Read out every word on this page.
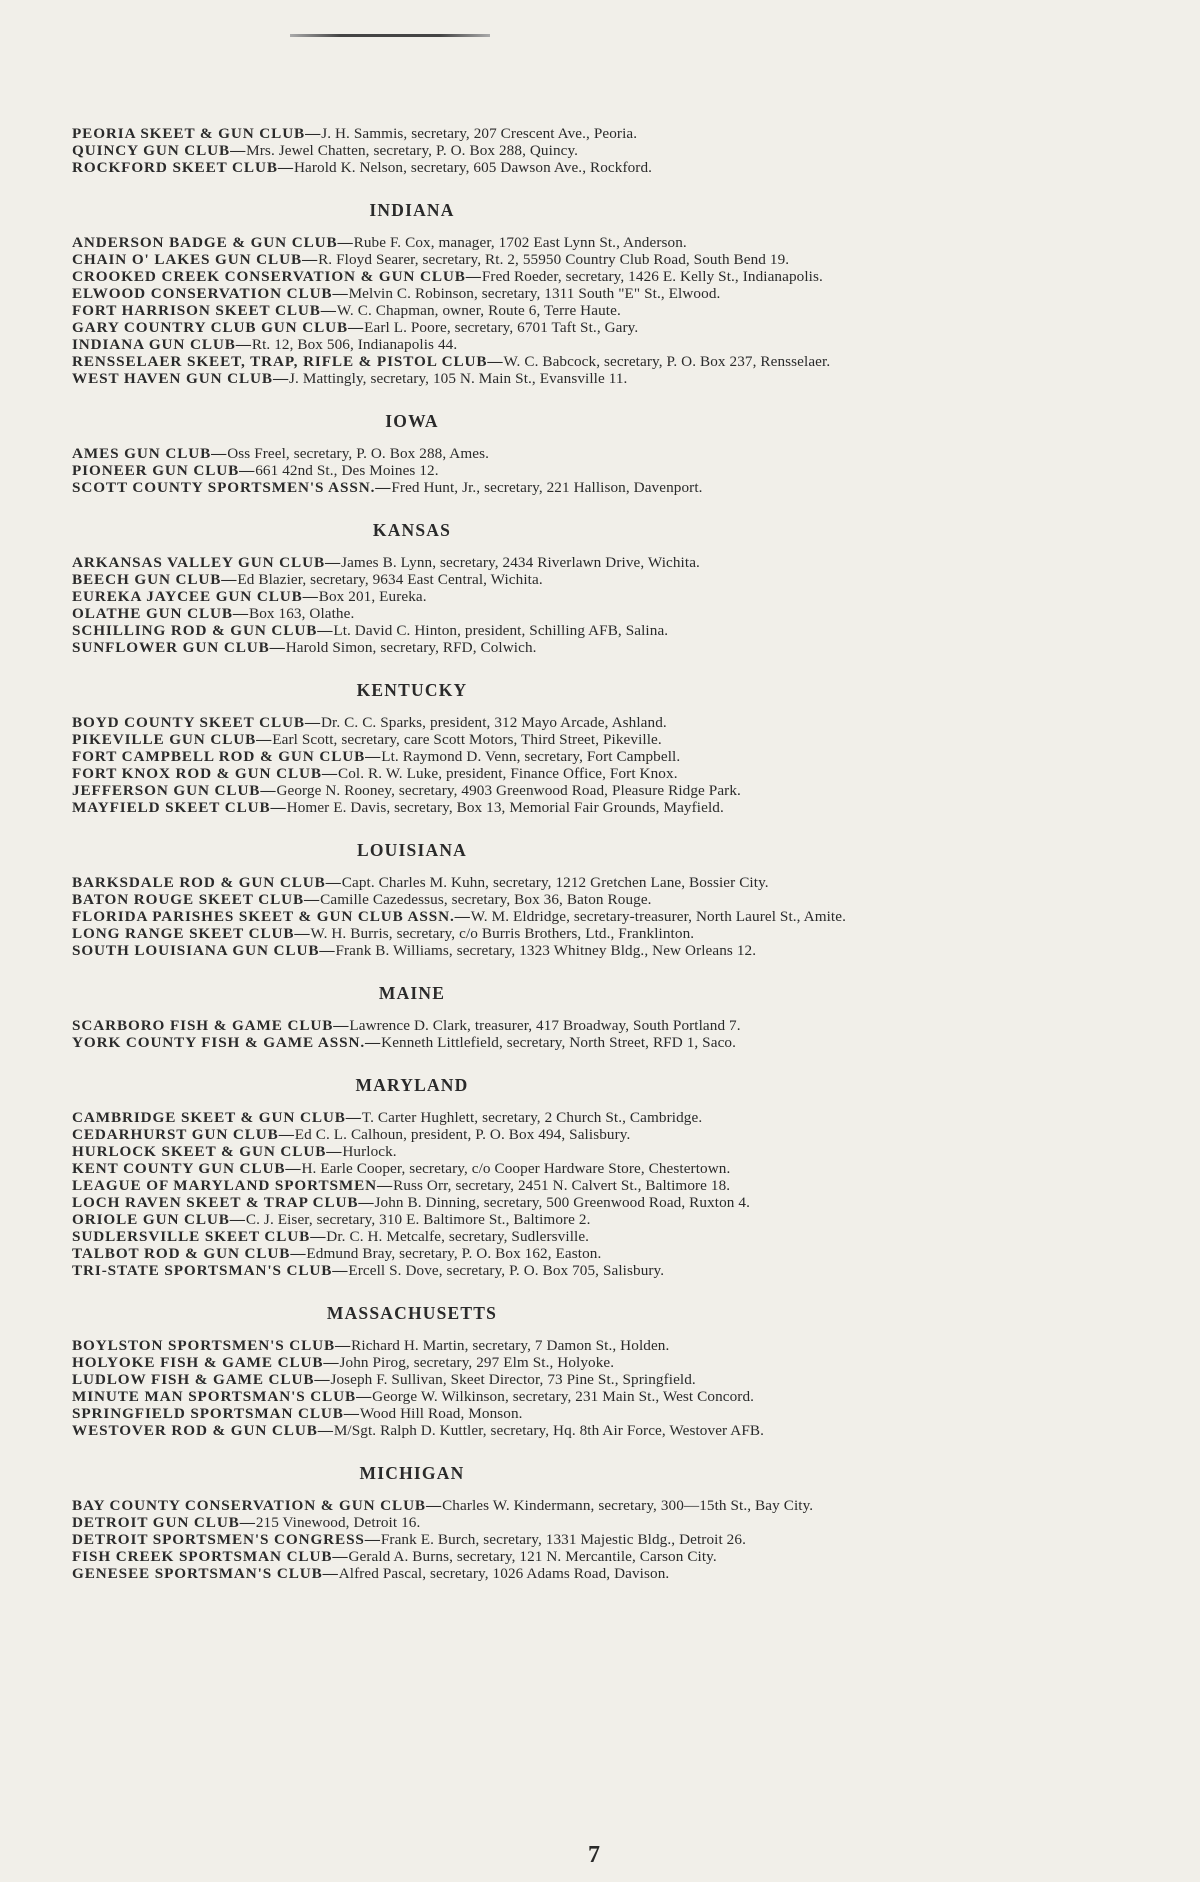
PEORIA SKEET & GUN CLUB—J. H. Sammis, secretary, 207 Crescent Ave., Peoria.

QUINCY GUN CLUB—Mrs. Jewel Chatten, secretary, P. O. Box 288, Quincy.

ROCKFORD SKEET CLUB—Harold K. Nelson, secretary, 605 Dawson Ave., Rockford.

INDIANA

ANDERSON BADGE & GUN CLUB—Rube F. Cox, manager, 1702 East Lynn St., Anderson.

CHAIN O' LAKES GUN CLUB—R. Floyd Searer, secretary, Rt. 2, 55950 Country Club Road, South Bend 19.

CROOKED CREEK CONSERVATION & GUN CLUB—Fred Roeder, secretary, 1426 E. Kelly St., Indianapolis.

ELWOOD CONSERVATION CLUB—Melvin C. Robinson, secretary, 1311 South "E" St., Elwood.

FORT HARRISON SKEET CLUB—W. C. Chapman, owner, Route 6, Terre Haute.

GARY COUNTRY CLUB GUN CLUB—Earl L. Poore, secretary, 6701 Taft St., Gary.

INDIANA GUN CLUB—Rt. 12, Box 506, Indianapolis 44.

RENSSELAER SKEET, TRAP, RIFLE & PISTOL CLUB—W. C. Babcock, secretary, P. O. Box 237, Rensselaer.

WEST HAVEN GUN CLUB—J. Mattingly, secretary, 105 N. Main St., Evansville 11.

IOWA

AMES GUN CLUB—Oss Freel, secretary, P. O. Box 288, Ames.

PIONEER GUN CLUB—661 42nd St., Des Moines 12.

SCOTT COUNTY SPORTSMEN'S ASSN.—Fred Hunt, Jr., secretary, 221 Hallison, Davenport.

KANSAS

ARKANSAS VALLEY GUN CLUB—James B. Lynn, secretary, 2434 Riverlawn Drive, Wichita.

BEECH GUN CLUB—Ed Blazier, secretary, 9634 East Central, Wichita.

EUREKA JAYCEE GUN CLUB—Box 201, Eureka.

OLATHE GUN CLUB—Box 163, Olathe.

SCHILLING ROD & GUN CLUB—Lt. David C. Hinton, president, Schilling AFB, Salina.

SUNFLOWER GUN CLUB—Harold Simon, secretary, RFD, Colwich.

KENTUCKY

BOYD COUNTY SKEET CLUB—Dr. C. C. Sparks, president, 312 Mayo Arcade, Ashland.

PIKEVILLE GUN CLUB—Earl Scott, secretary, care Scott Motors, Third Street, Pikeville.

FORT CAMPBELL ROD & GUN CLUB—Lt. Raymond D. Venn, secretary, Fort Campbell.

FORT KNOX ROD & GUN CLUB—Col. R. W. Luke, president, Finance Office, Fort Knox.

JEFFERSON GUN CLUB—George N. Rooney, secretary, 4903 Greenwood Road, Pleasure Ridge Park.

MAYFIELD SKEET CLUB—Homer E. Davis, secretary, Box 13, Memorial Fair Grounds, Mayfield.

LOUISIANA

BARKSDALE ROD & GUN CLUB—Capt. Charles M. Kuhn, secretary, 1212 Gretchen Lane, Bossier City.

BATON ROUGE SKEET CLUB—Camille Cazedessus, secretary, Box 36, Baton Rouge.

FLORIDA PARISHES SKEET & GUN CLUB ASSN.—W. M. Eldridge, secretary-treasurer, North Laurel St., Amite.

LONG RANGE SKEET CLUB—W. H. Burris, secretary, c/o Burris Brothers, Ltd., Franklinton.

SOUTH LOUISIANA GUN CLUB—Frank B. Williams, secretary, 1323 Whitney Bldg., New Orleans 12.

MAINE

SCARBORO FISH & GAME CLUB—Lawrence D. Clark, treasurer, 417 Broadway, South Portland 7.

YORK COUNTY FISH & GAME ASSN.—Kenneth Littlefield, secretary, North Street, RFD 1, Saco.

MARYLAND

CAMBRIDGE SKEET & GUN CLUB—T. Carter Hughlett, secretary, 2 Church St., Cambridge.

CEDARHURST GUN CLUB—Ed C. L. Calhoun, president, P. O. Box 494, Salisbury.

HURLOCK SKEET & GUN CLUB—Hurlock.

KENT COUNTY GUN CLUB—H. Earle Cooper, secretary, c/o Cooper Hardware Store, Chestertown.

LEAGUE OF MARYLAND SPORTSMEN—Russ Orr, secretary, 2451 N. Calvert St., Baltimore 18.

LOCH RAVEN SKEET & TRAP CLUB—John B. Dinning, secretary, 500 Greenwood Road, Ruxton 4.

ORIOLE GUN CLUB—C. J. Eiser, secretary, 310 E. Baltimore St., Baltimore 2.

SUDLERSVILLE SKEET CLUB—Dr. C. H. Metcalfe, secretary, Sudlersville.

TALBOT ROD & GUN CLUB—Edmund Bray, secretary, P. O. Box 162, Easton.

TRI-STATE SPORTSMAN'S CLUB—Ercell S. Dove, secretary, P. O. Box 705, Salisbury.

MASSACHUSETTS

BOYLSTON SPORTSMEN'S CLUB—Richard H. Martin, secretary, 7 Damon St., Holden.

HOLYOKE FISH & GAME CLUB—John Pirog, secretary, 297 Elm St., Holyoke.

LUDLOW FISH & GAME CLUB—Joseph F. Sullivan, Skeet Director, 73 Pine St., Springfield.

MINUTE MAN SPORTSMAN'S CLUB—George W. Wilkinson, secretary, 231 Main St., West Concord.

SPRINGFIELD SPORTSMAN CLUB—Wood Hill Road, Monson.

WESTOVER ROD & GUN CLUB—M/Sgt. Ralph D. Kuttler, secretary, Hq. 8th Air Force, Westover AFB.

MICHIGAN

BAY COUNTY CONSERVATION & GUN CLUB—Charles W. Kindermann, secretary, 300—15th St., Bay City.

DETROIT GUN CLUB—215 Vinewood, Detroit 16.

DETROIT SPORTSMEN'S CONGRESS—Frank E. Burch, secretary, 1331 Majestic Bldg., Detroit 26.

FISH CREEK SPORTSMAN CLUB—Gerald A. Burns, secretary, 121 N. Mercantile, Carson City.

GENESEE SPORTSMAN'S CLUB—Alfred Pascal, secretary, 1026 Adams Road, Davison.

7
